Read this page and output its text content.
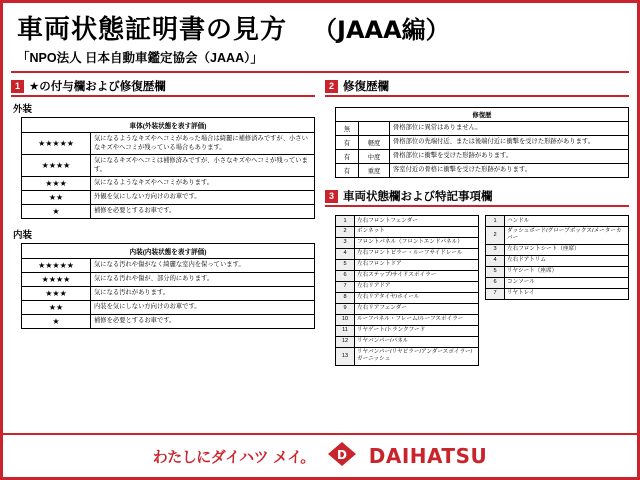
車両状態証明書の見方 （JAAA編）
「NPO法人 日本自動車鑑定協会（JAAA）」
1 ★の付与欄および修復歴欄
外装
車体(外装状態を表す評価)	
★★★★★	気になるようなキズやヘコミがあった場合は綺麗に補修済みですが、小さいなキズやヘコミが残っている場合もあります。
★★★★	気になるキズやヘコミは補修済みですが、小さなキズやヘコミが残っています。
★★★	気になるようなキズやヘコミがあります。
★★	外観を気にしない方向けのお車です。
★	補修を必要とするお車です。
内装
内装(内装状態を表す評価)	
★★★★★	気になる汚れや傷がなく綺麗な室内を保っています。
★★★★	気になる汚れや傷が、部分的にあります。
★★★	気になる汚れがあります。
★★	内装を気にしない方向けのお車です。
★	補修を必要とするお車です。
2 修復歴欄
修復歴		
無		骨格部位に異常はありません。
有	軽度	骨格部位の先端付近、または後端付近に衝撃を受けた形跡があります。
有	中度	骨格部位に衝撃を受けた形跡があります。
有	重度	客室付近の骨格に衝撃を受けた形跡があります。
3 車両状態欄および特記事項欄
1	左右フロントフェンダー
2	ボンネット
3	フロントパネル（フロントエンドパネル）
4	左右フロントピラー・ルーフサイドレール
5	左右フロントドア
6	左右ステップ/サイドスポイラー
7	左右リアドア
8	左右リアタイヤ/ホイール
9	左右リアフェンダー
10	ルーフパネル・フレーム/ルーフスポイラー
11	リヤゲート/トランクフード
12	リヤバンパー/パネル
13	リヤバンパー/リヤピラー/アンダースポイラー/ガーニッシュ
1	ハンドル
2	ダッシュボード/グローブボックス/メーターカバー
3	左右フロントシート（座席）
4	左右ドアトリム
5	リヤシート（座席）
6	コンソール
7	リヤトレイ
わたしにダイハツ メイ。 D DAIHATSU
